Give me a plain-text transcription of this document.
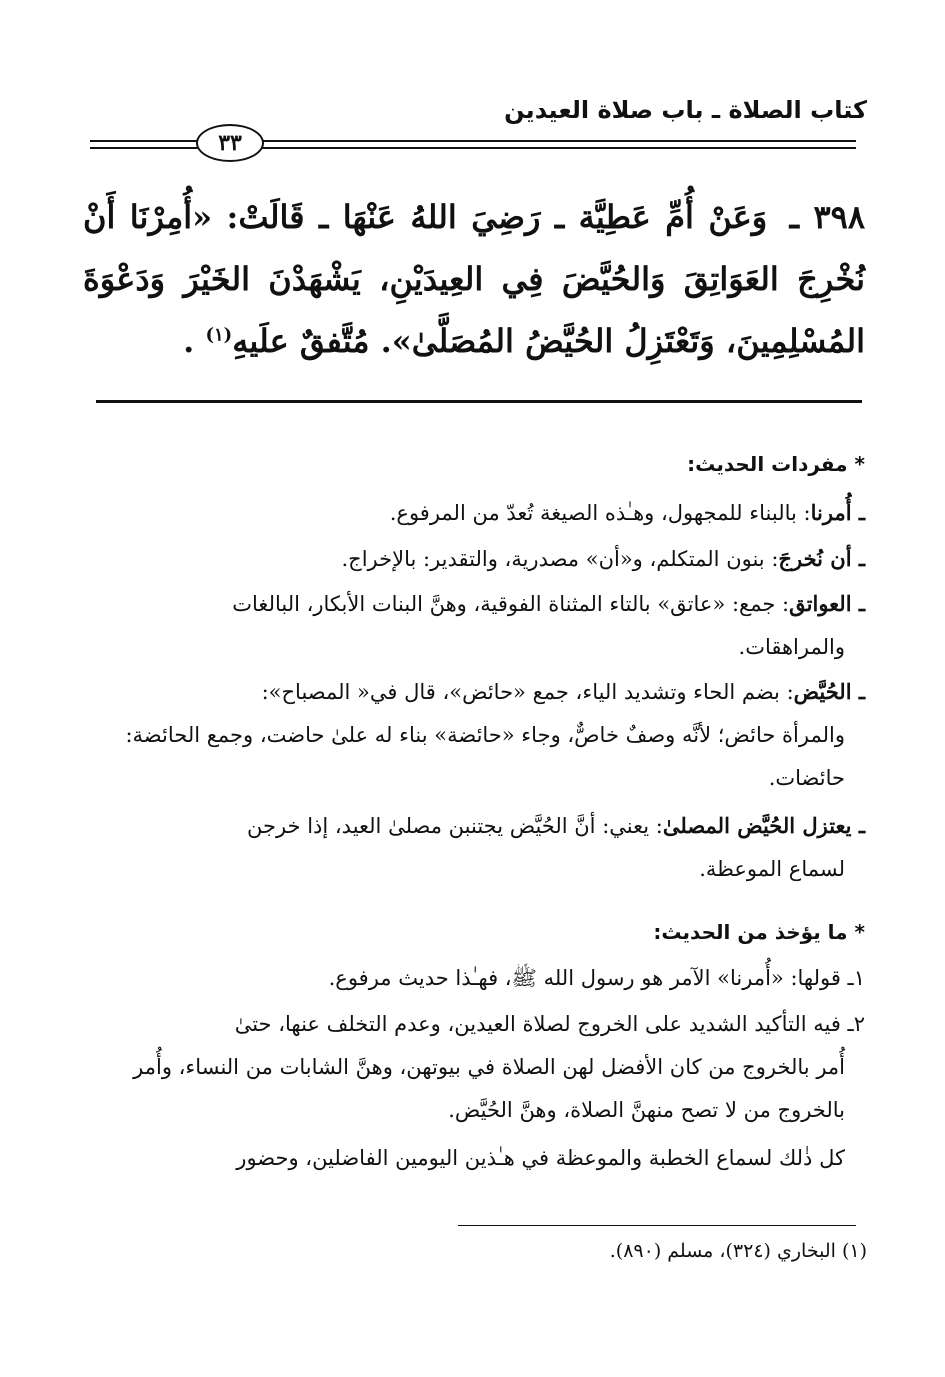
كتاب الصلاة ـ باب صلاة العيدين
٣٣
٣٩٨ ـ وَعَنْ أُمِّ عَطِيَّة ـ رَضِيَ اللهُ عَنْهَا ـ قَالَتْ: «أُمِرْنَا أَنْ نُخْرِجَ العَوَاتِقَ وَالحُيَّضَ فِي العِيدَيْنِ، يَشْهَدْنَ الخَيْرَ وَدَعْوَةَ المُسْلِمِينَ، وَتَعْتَزِلُ الحُيَّضُ المُصَلَّىٰ». مُتَّفقٌ علَيهِ$^{(١)}$ .
* مفردات الحديث:
ـ أُمرنا: بالبناء للمجهول، وهـٰذه الصيغة تُعدّ من المرفوع.
ـ أن نُخرجَ: بنون المتكلم، و«أن» مصدرية، والتقدير: بالإخراج.
ـ العواتق: جمع: «عاتق» بالتاء المثناة الفوقية، وهنَّ البنات الأبكار، البالغات
والمراهقات.
ـ الحُيَّض: بضم الحاء وتشديد الياء، جمع «حائض»، قال في« المصباح»:
والمرأة حائض؛ لأنَّه وصفٌ خاصٌّ، وجاء «حائضة» بناء له علىٰ حاضت، وجمع الحائضة: حائضات.
ـ يعتزل الحُيَّض المصلىٰ: يعني: أنَّ الحُيَّض يجتنبن مصلىٰ العيد، إذا خرجن
لسماع الموعظة.
* ما يؤخذ من الحديث:
١ـ قولها: «أُمرنا» الآمر هو رسول الله ﷺ، فهـٰذا حديث مرفوع.
٢ـ فيه التأكيد الشديد على الخروج لصلاة العيدين، وعدم التخلف عنها، حتىٰ
أُمر بالخروج من كان الأفضل لهن الصلاة في بيوتهن، وهنَّ الشابات من النساء، وأُمر بالخروج من لا تصح منهنَّ الصلاة، وهنَّ الحُيَّض.
كل ذٰلك لسماع الخطبة والموعظة في هـٰذين اليومين الفاضلين، وحضور
(١) البخاري (٣٢٤)، مسلم (٨٩٠).
